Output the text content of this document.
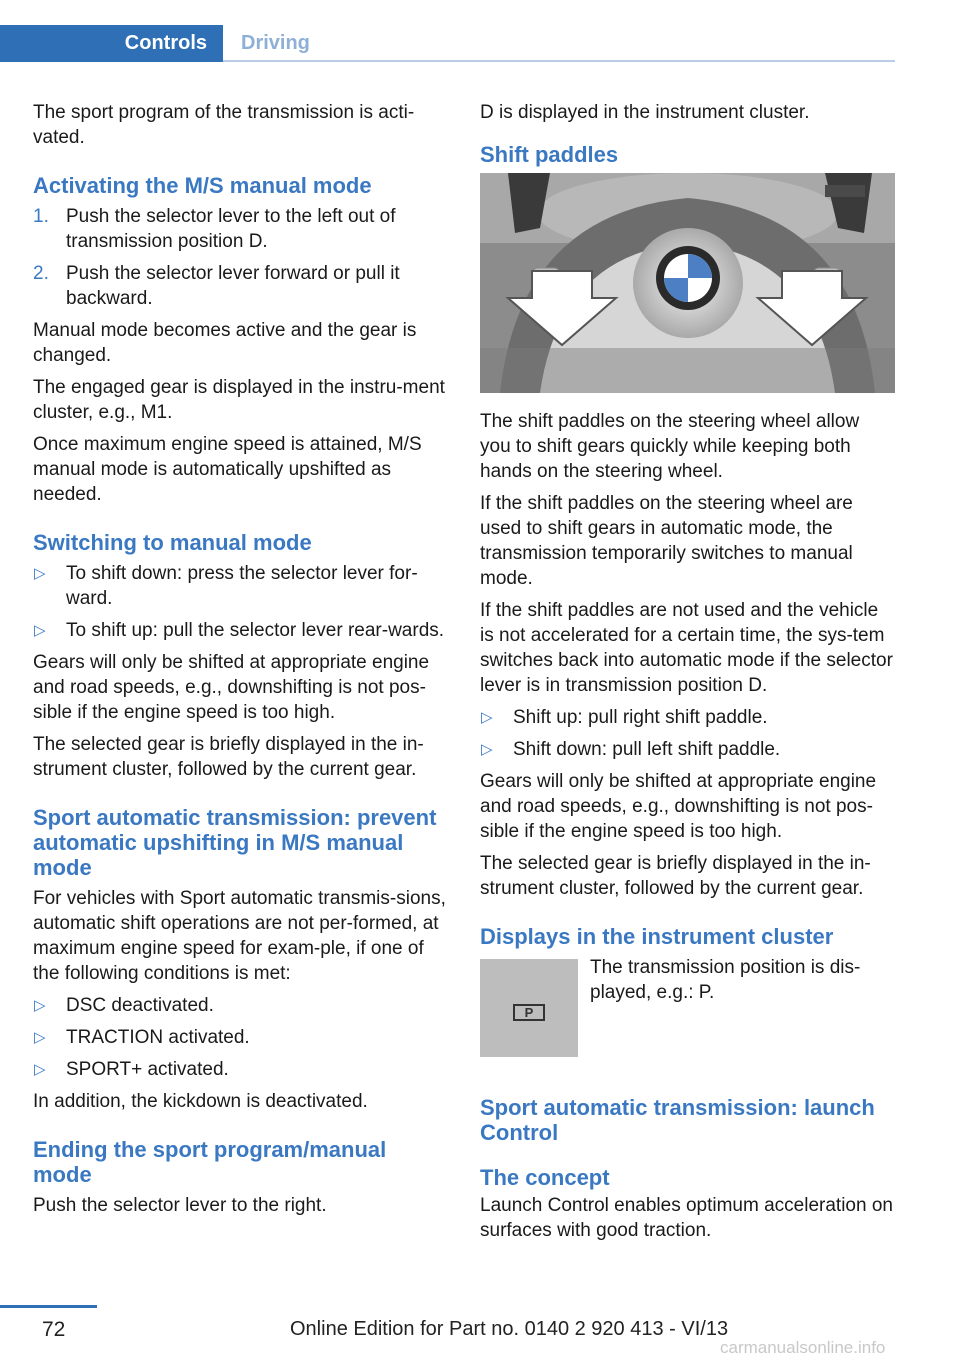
Controls Driving

The sport program of the transmission is acti‐vated.

Activating the M/S manual mode
1. Push the selector lever to the left out of transmission position D.
2. Push the selector lever forward or pull it backward.

Manual mode becomes active and the gear is changed.

The engaged gear is displayed in the instru‐ment cluster, e.g., M1.

Once maximum engine speed is attained, M/S manual mode is automatically upshifted as needed.

Switching to manual mode
▷ To shift down: press the selector lever for‐ward.
▷ To shift up: pull the selector lever rear‐wards.

Gears will only be shifted at appropriate engine and road speeds, e.g., downshifting is not pos‐sible if the engine speed is too high.

The selected gear is briefly displayed in the in‐strument cluster, followed by the current gear.

Sport automatic transmission: prevent automatic upshifting in M/S manual mode

For vehicles with Sport automatic transmis‐sions, automatic shift operations are not per‐formed, at maximum engine speed for exam‐ple, if one of the following conditions is met:

▷ DSC deactivated.
▷ TRACTION activated.
▷ SPORT+ activated.

In addition, the kickdown is deactivated.

Ending the sport program/manual mode

Push the selector lever to the right.

D is displayed in the instrument cluster.

Shift paddles

The shift paddles on the steering wheel allow you to shift gears quickly while keeping both hands on the steering wheel.

If the shift paddles on the steering wheel are used to shift gears in automatic mode, the transmission temporarily switches to manual mode.

If the shift paddles are not used and the vehicle is not accelerated for a certain time, the sys‐tem switches back into automatic mode if the selector lever is in transmission position D.

▷ Shift up: pull right shift paddle.
▷ Shift down: pull left shift paddle.

Gears will only be shifted at appropriate engine and road speeds, e.g., downshifting is not pos‐sible if the engine speed is too high.

The selected gear is briefly displayed in the in‐strument cluster, followed by the current gear.

Displays in the instrument cluster
P

The transmission position is dis‐played, e.g.: P.

Sport automatic transmission: launch Control
The concept

Launch Control enables optimum acceleration on surfaces with good traction.

72	Online Edition for Part no. 0140 2 920 413 - VI/13
carmanualsonline.info
